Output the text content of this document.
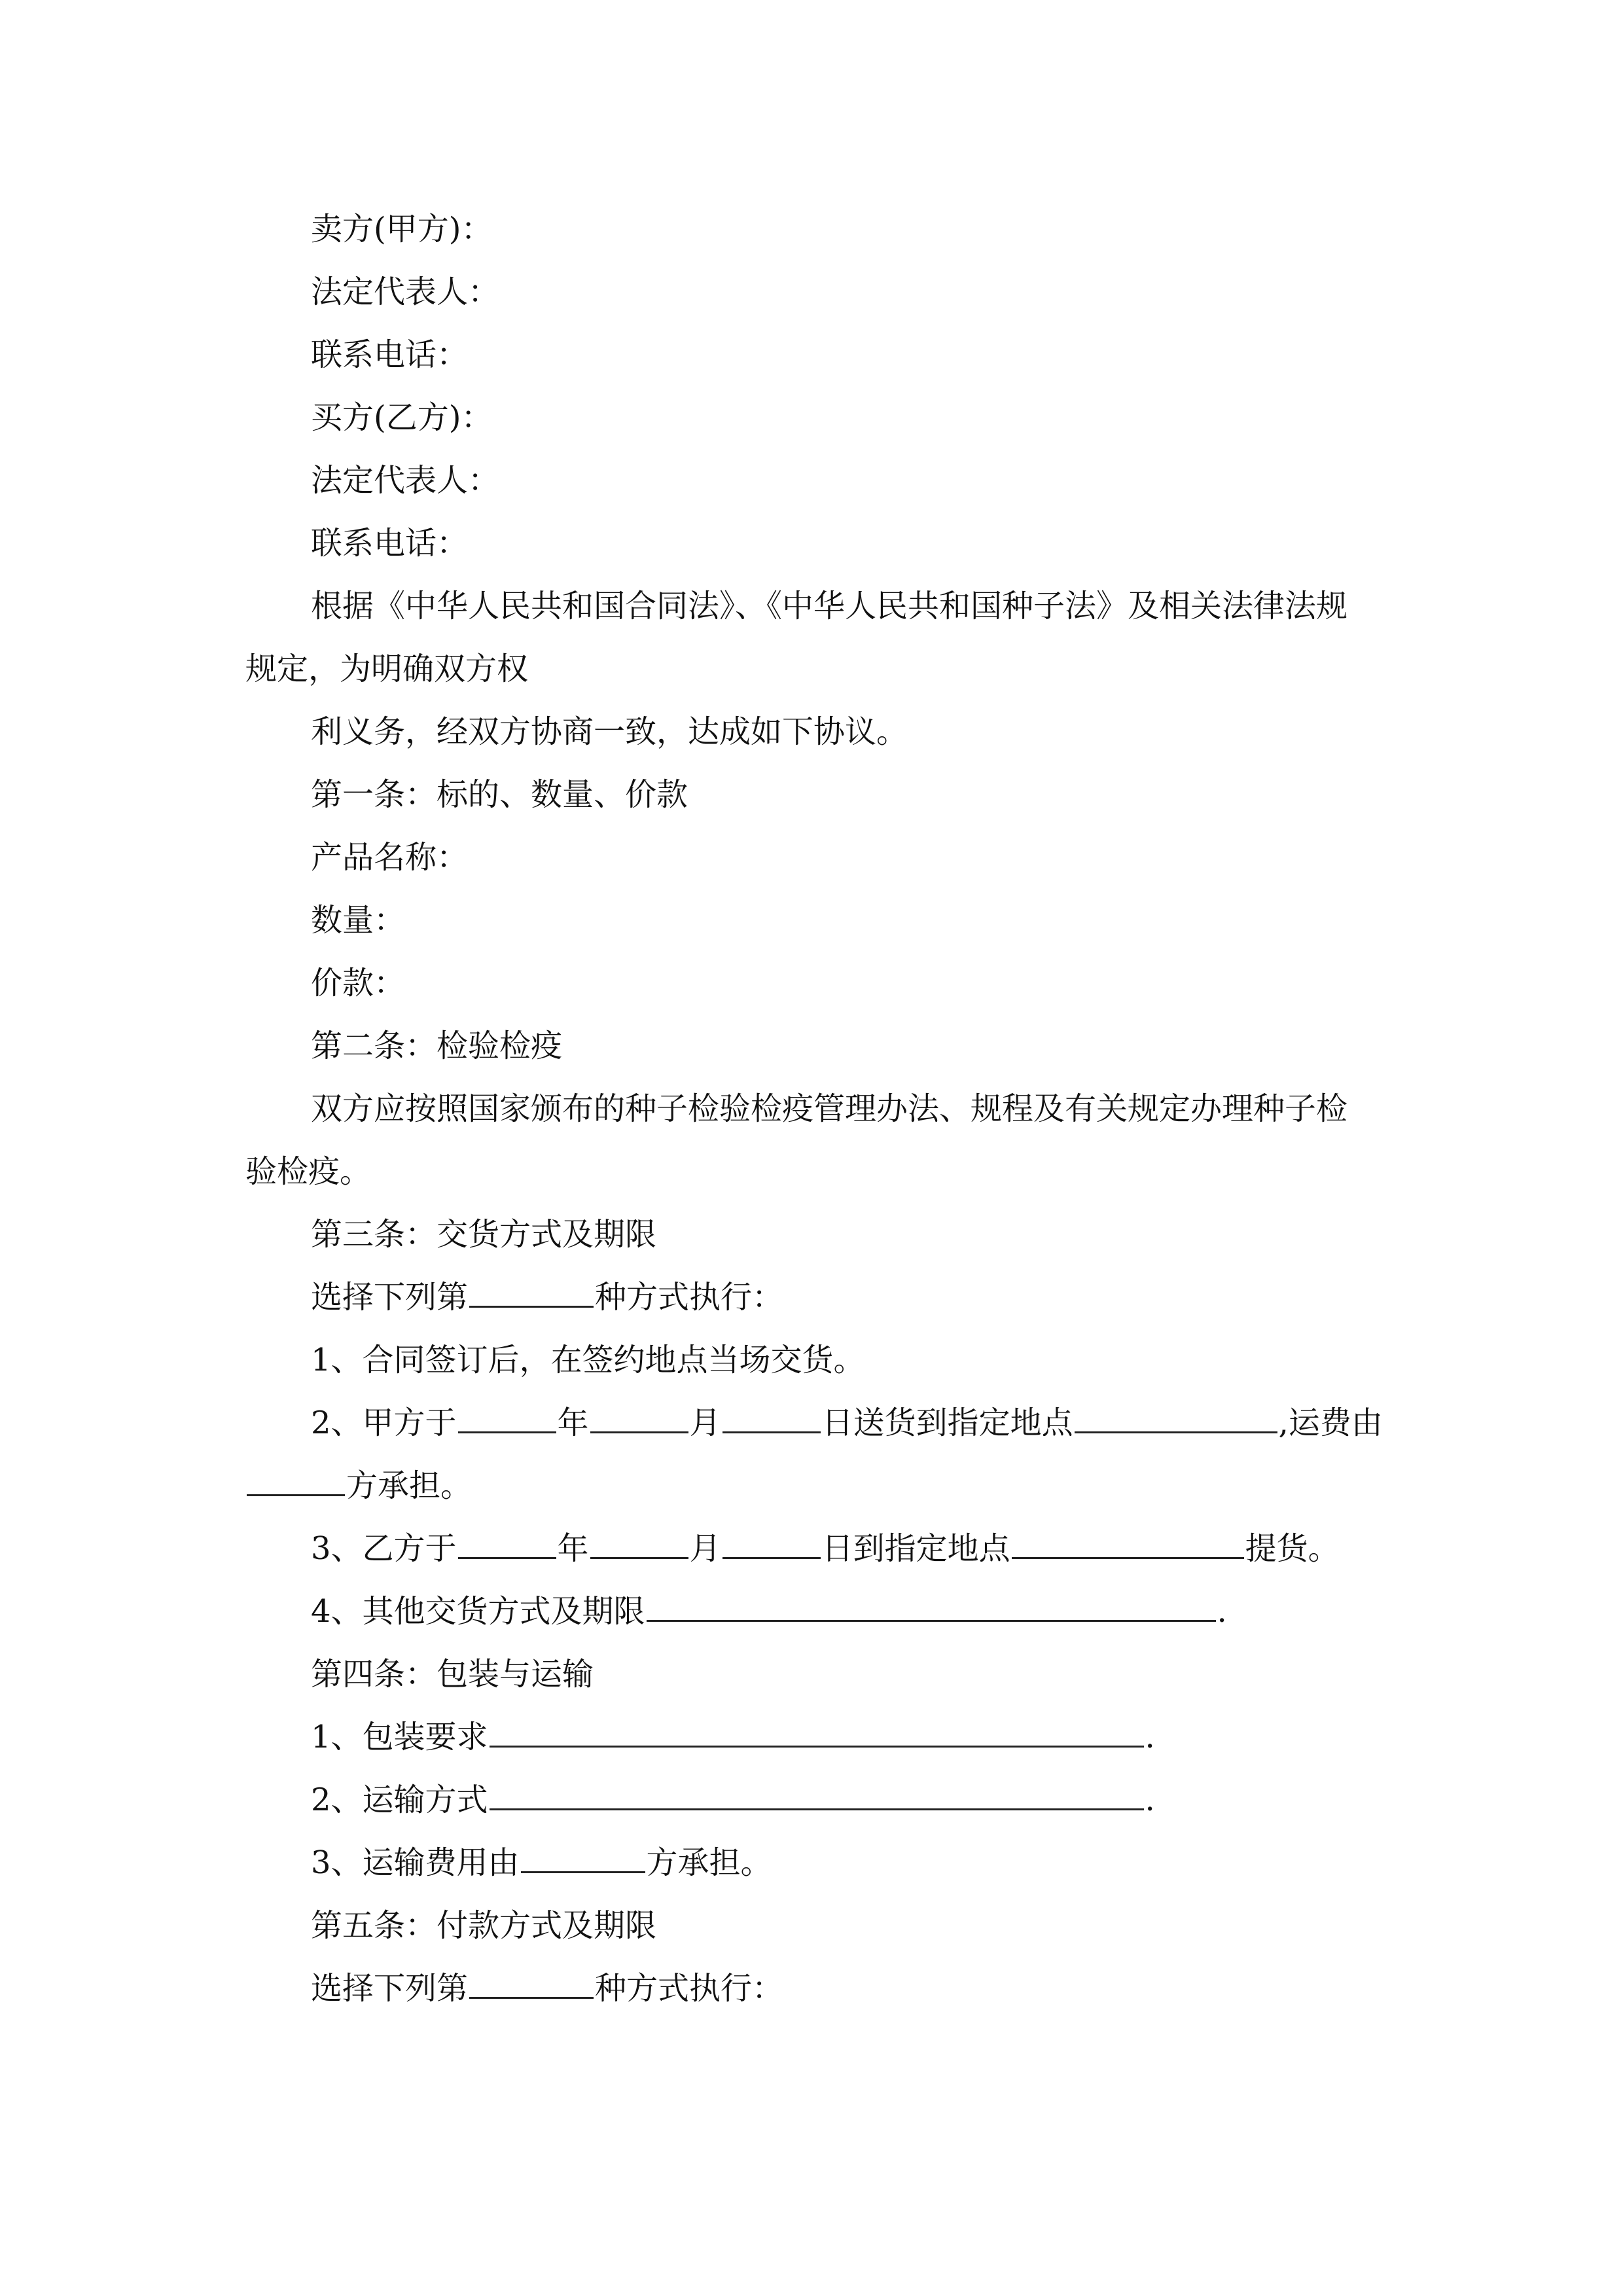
卖方(甲方)：
法定代表人：
联系电话：
买方(乙方)：
法定代表人：
联系电话：
根据《中华人民共和国合同法》、《中华人民共和国种子法》及相关法律法规
规定，为明确双方权
利义务，经双方协商一致，达成如下协议。
第一条：标的、数量、价款
产品名称：
数量：
价款：
第二条：检验检疫
双方应按照国家颁布的种子检验检疫管理办法、规程及有关规定办理种子检
验检疫。
第三条：交货方式及期限
选择下列第	种方式执行：
1、合同签订后，在签约地点当场交货。
2、甲方于	年	月	日送货到指定地点	,运费由
方承担。
3、乙方于	年	月	日到指定地点	提货。
4、其他交货方式及期限	.
第四条：包装与运输
1、包装要求	.
2、运输方式	.
3、运输费用由	方承担。
第五条：付款方式及期限
选择下列第	种方式执行：
